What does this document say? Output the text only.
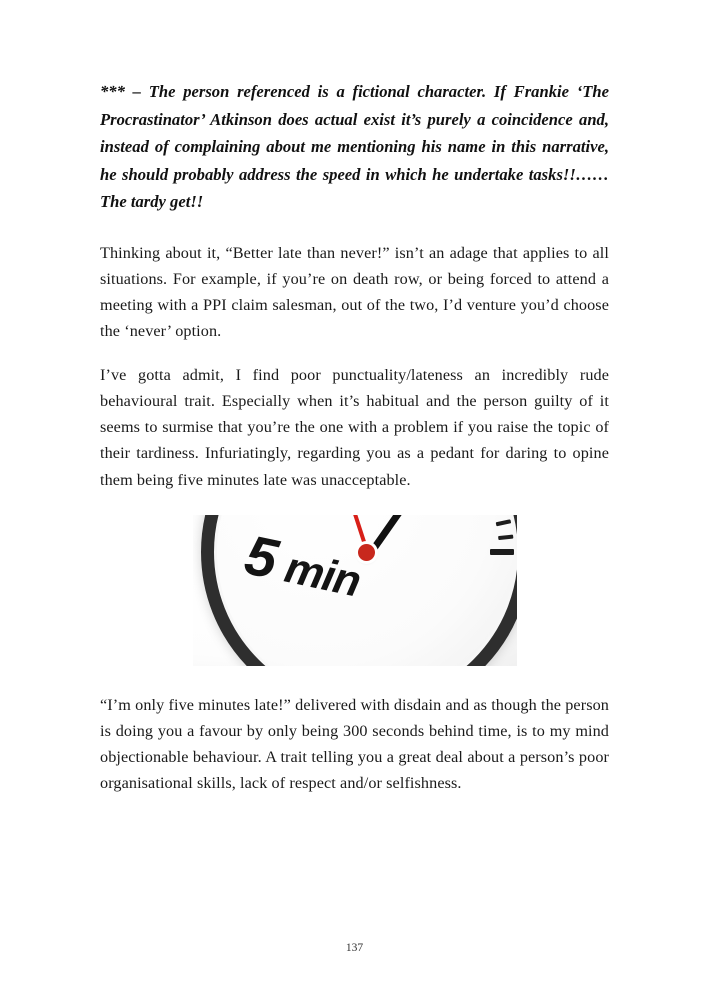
*** – The person referenced is a fictional character. If Frankie ‘The Procrastinator’ Atkinson does actual exist it’s purely a coincidence and, instead of complaining about me mentioning his name in this narrative, he should probably address the speed in which he undertake tasks!!…… The tardy get!!

Thinking about it, “Better late than never!” isn’t an adage that applies to all situations. For example, if you’re on death row, or being forced to attend a meeting with a PPI claim salesman, out of the two, I’d venture you’d choose the ‘never’ option.

I’ve gotta admit, I find poor punctuality/lateness an incredibly rude behavioural trait. Especially when it’s habitual and the person guilty of it seems to surmise that you’re the one with a problem if you raise the topic of their tardiness. Infuriatingly, regarding you as a pedant for daring to opine them being five minutes late was unacceptable.

5 min

“I’m only five minutes late!” delivered with disdain and as though the person is doing you a favour by only being 300 seconds behind time, is to my mind objectionable behaviour. A trait telling you a great deal about a person’s poor organisational skills, lack of respect and/or selfishness.

137
